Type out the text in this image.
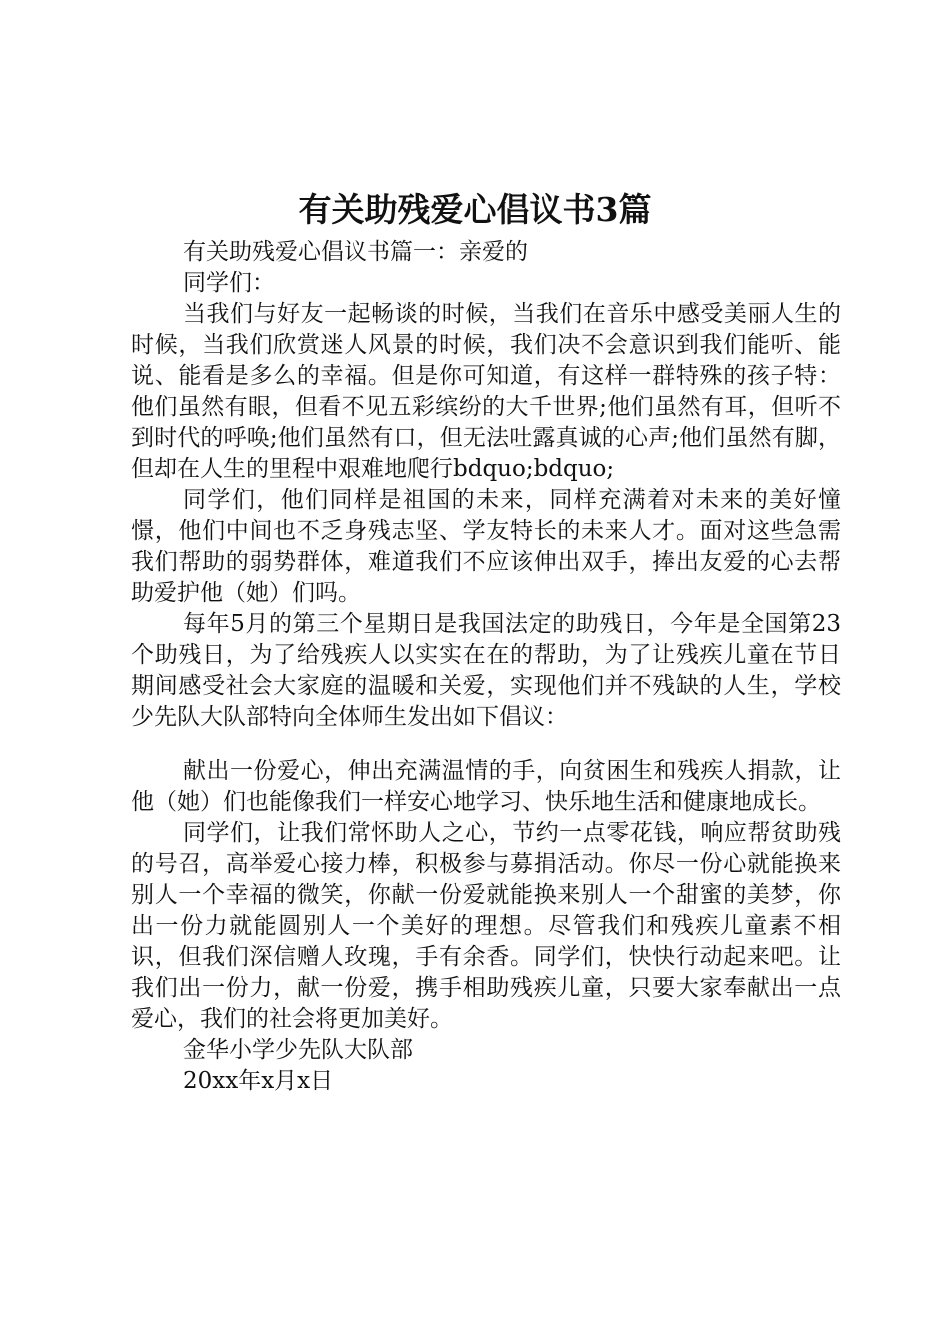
有关助残爱心倡议书3篇
有关助残爱心倡议书篇一：亲爱的
同学们：

当我们与好友一起畅谈的时候，当我们在音乐中感受美丽人生的时候，当我们欣赏迷人风景的时候，我们决不会意识到我们能听、能说、能看是多么的幸福。但是你可知道，有这样一群特殊的孩子特：他们虽然有眼，但看不见五彩缤纷的大千世界;他们虽然有耳，但听不到时代的呼唤;他们虽然有口，但无法吐露真诚的心声;他们虽然有脚，但却在人生的里程中艰难地爬行bdquo;bdquo;

同学们，他们同样是祖国的未来，同样充满着对未来的美好憧憬，他们中间也不乏身残志坚、学友特长的未来人才。面对这些急需我们帮助的弱势群体，难道我们不应该伸出双手，捧出友爱的心去帮助爱护他（她）们吗。

每年5月的第三个星期日是我国法定的助残日，今年是全国第23个助残日，为了给残疾人以实实在在的帮助，为了让残疾儿童在节日期间感受社会大家庭的温暖和关爱，实现他们并不残缺的人生，学校少先队大队部特向全体师生发出如下倡议：

献出一份爱心，伸出充满温情的手，向贫困生和残疾人捐款，让他（她）们也能像我们一样安心地学习、快乐地生活和健康地成长。

同学们，让我们常怀助人之心，节约一点零花钱，响应帮贫助残的号召，高举爱心接力棒，积极参与募捐活动。你尽一份心就能换来别人一个幸福的微笑，你献一份爱就能换来别人一个甜蜜的美梦，你出一份力就能圆别人一个美好的理想。尽管我们和残疾儿童素不相识，但我们深信赠人玫瑰，手有余香。同学们，快快行动起来吧。让我们出一份力，献一份爱，携手相助残疾儿童，只要大家奉献出一点爱心，我们的社会将更加美好。

金华小学少先队大队部
20xx年x月x日
